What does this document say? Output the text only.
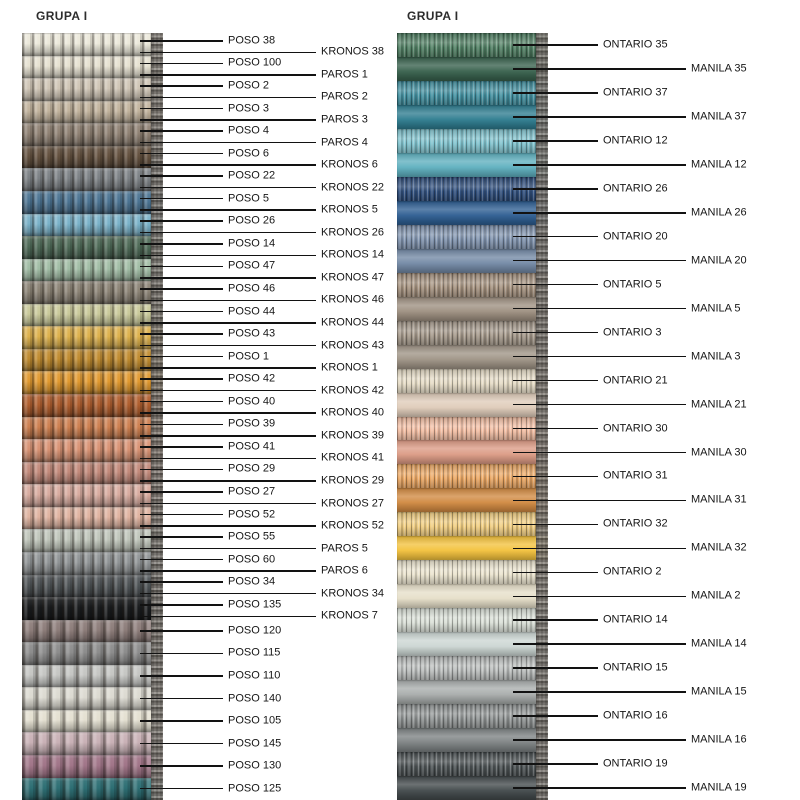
GRUPA I	GRUPA I
POSO 38
KRONOS 38
POSO 100
PAROS 1
POSO 2
PAROS 2
POSO 3
PAROS 3
POSO 4
PAROS 4
POSO 6
KRONOS 6
POSO 22
KRONOS 22
POSO 5
KRONOS 5
POSO 26
KRONOS 26
POSO 14
KRONOS 14
POSO 47
KRONOS 47
POSO 46
KRONOS 46
POSO 44
KRONOS 44
POSO 43
KRONOS 43
POSO 1
KRONOS 1
POSO 42
KRONOS 42
POSO 40
KRONOS 40
POSO 39
KRONOS 39
POSO 41
KRONOS 41
POSO 29
KRONOS 29
POSO 27
KRONOS 27
POSO 52
KRONOS 52
POSO 55
PAROS 5
POSO 60
PAROS 6
POSO 34
KRONOS 34
POSO 135
KRONOS 7
POSO 120
POSO 115
POSO 110
POSO 140
POSO 105
POSO 145
POSO 130
POSO 125
ONTARIO 35
MANILA 35
ONTARIO 37
MANILA 37
ONTARIO 12
MANILA 12
ONTARIO 26
MANILA 26
ONTARIO 20
MANILA 20
ONTARIO 5
MANILA 5
ONTARIO 3
MANILA 3
ONTARIO 21
MANILA 21
ONTARIO 30
MANILA 30
ONTARIO 31
MANILA 31
ONTARIO 32
MANILA 32
ONTARIO 2
MANILA 2
ONTARIO 14
MANILA 14
ONTARIO 15
MANILA 15
ONTARIO 16
MANILA 16
ONTARIO 19
MANILA 19
